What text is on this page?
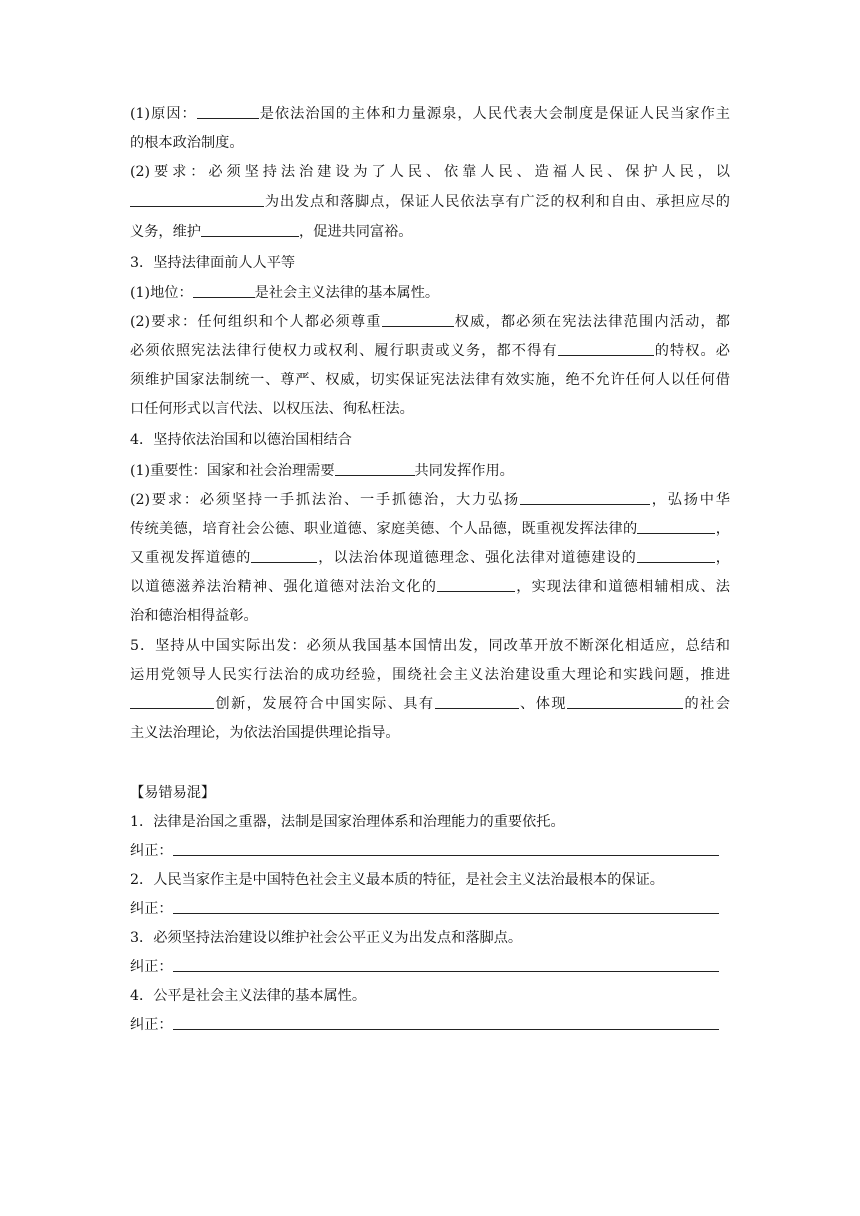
(1)原因：	是依法治国的主体和力量源泉，人民代表大会制度是保证人民当家作主
的根本政治制度。
(2)要求：必须坚持法治建设为了人民、依靠人民、造福人民、保护人民，以
为出发点和落脚点，保证人民依法享有广泛的权利和自由、承担应尽的
义务，维护	，促进共同富裕。
3．坚持法律面前人人平等
(1)地位：	是社会主义法律的基本属性。
(2)要求：任何组织和个人都必须尊重	权威，都必须在宪法法律范围内活动，都
必须依照宪法法律行使权力或权利、履行职责或义务，都不得有	的特权。必
须维护国家法制统一、尊严、权威，切实保证宪法法律有效实施，绝不允许任何人以任何借
口任何形式以言代法、以权压法、徇私枉法。
4．坚持依法治国和以德治国相结合
(1)重要性：国家和社会治理需要	共同发挥作用。
(2)要求：必须坚持一手抓法治、一手抓德治，大力弘扬	，弘扬中华
传统美德，培育社会公德、职业道德、家庭美德、个人品德，既重视发挥法律的	，
又重视发挥道德的	，以法治体现道德理念、强化法律对道德建设的	，
以道德滋养法治精神、强化道德对法治文化的	，实现法律和道德相辅相成、法
治和德治相得益彰。
5．坚持从中国实际出发：必须从我国基本国情出发，同改革开放不断深化相适应，总结和
运用党领导人民实行法治的成功经验，围绕社会主义法治建设重大理论和实践问题，推进
创新，发展符合中国实际、具有	、体现	的社会
主义法治理论，为依法治国提供理论指导。
【易错易混】
1．法律是治国之重器，法制是国家治理体系和治理能力的重要依托。
纠正：
2．人民当家作主是中国特色社会主义最本质的特征，是社会主义法治最根本的保证。
纠正：
3．必须坚持法治建设以维护社会公平正义为出发点和落脚点。
纠正：
4．公平是社会主义法律的基本属性。
纠正：
